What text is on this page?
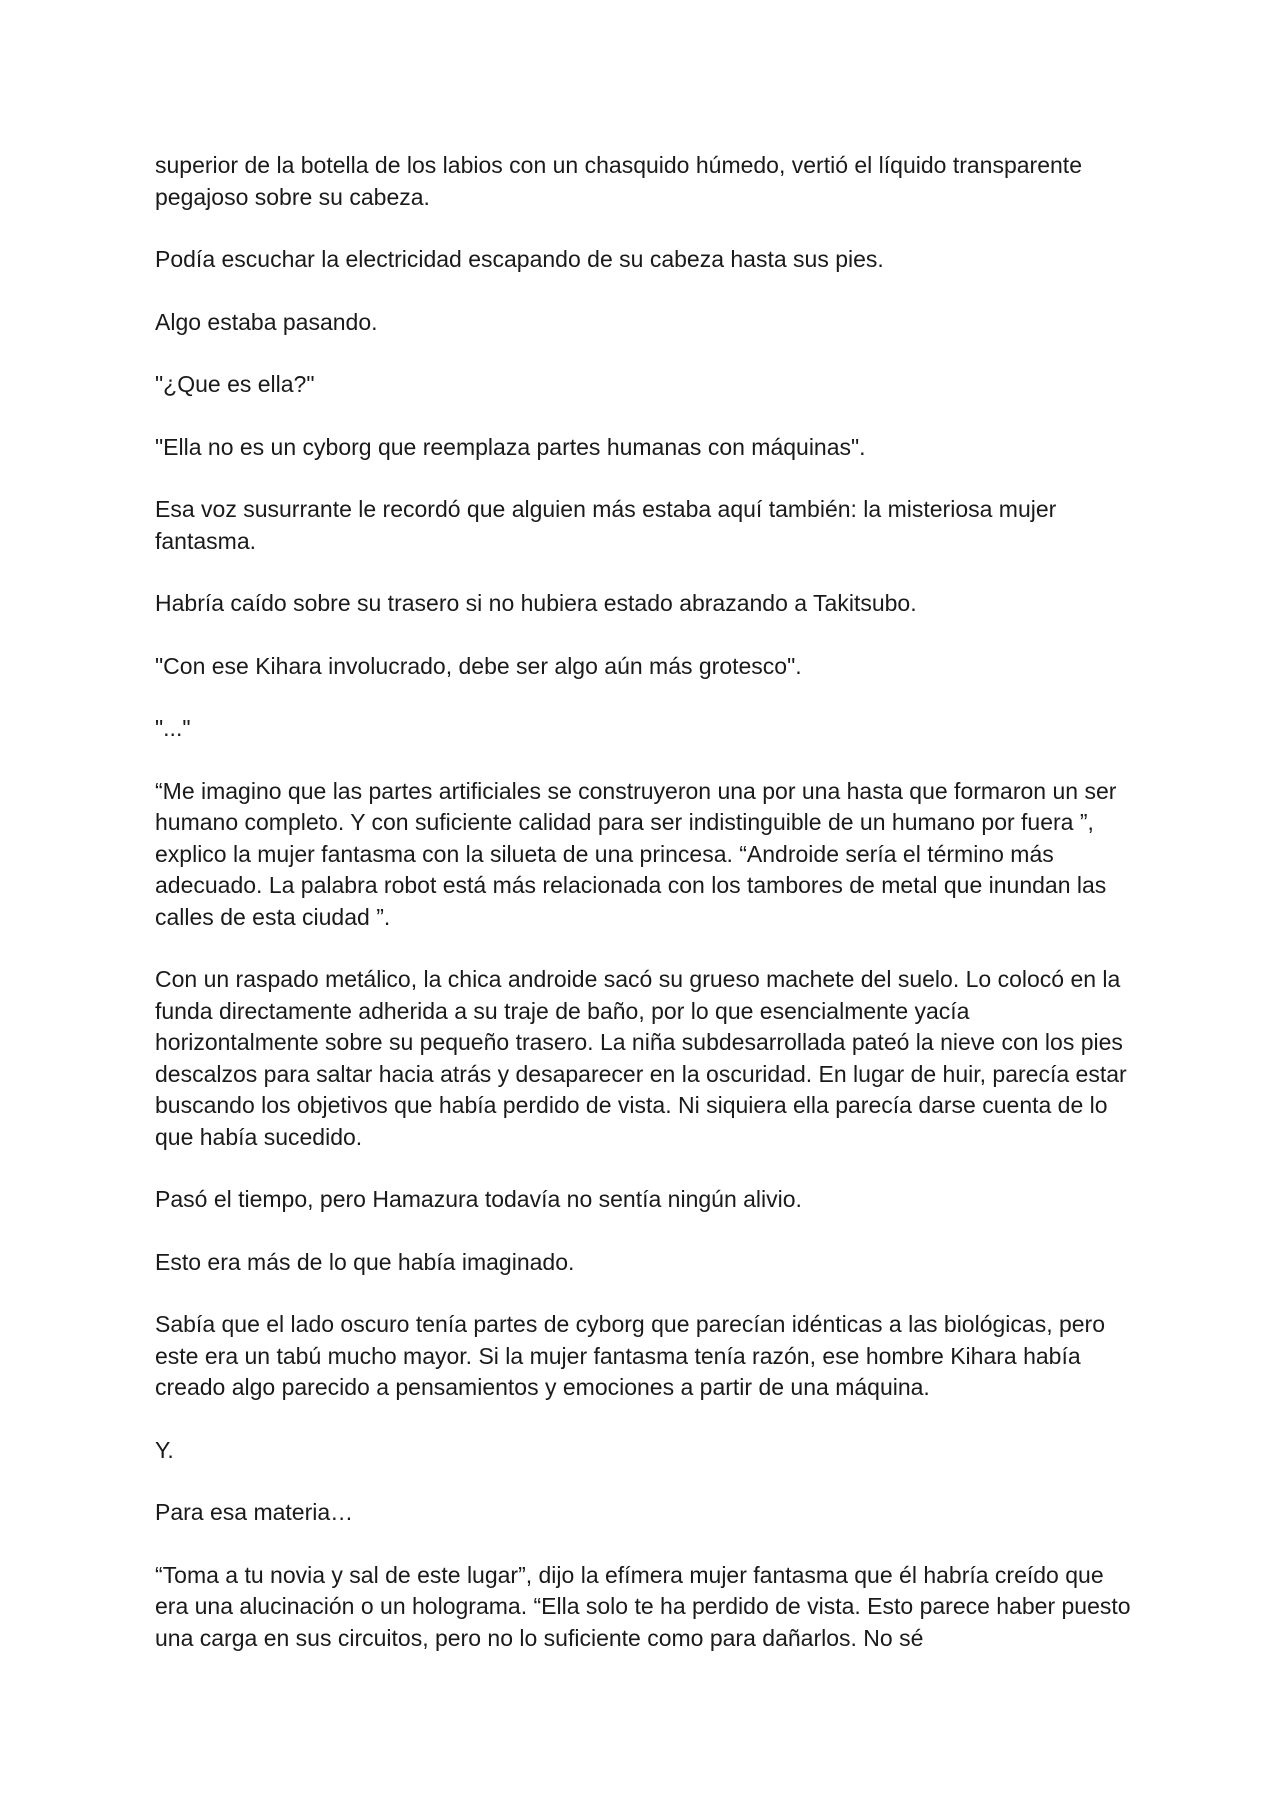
superior de la botella de los labios con un chasquido húmedo, vertió el líquido transparente pegajoso sobre su cabeza.

Podía escuchar la electricidad escapando de su cabeza hasta sus pies.

Algo estaba pasando.

"¿Que es ella?"

"Ella no es un cyborg que reemplaza partes humanas con máquinas".

Esa voz susurrante le recordó que alguien más estaba aquí también: la misteriosa mujer fantasma.

Habría caído sobre su trasero si no hubiera estado abrazando a Takitsubo.

"Con ese Kihara involucrado, debe ser algo aún más grotesco".

"..."

“Me imagino que las partes artificiales se construyeron una por una hasta que formaron un ser humano completo. Y con suficiente calidad para ser indistinguible de un humano por fuera ”, explico la mujer fantasma con la silueta de una princesa. “Androide sería el término más adecuado. La palabra robot está más relacionada con los tambores de metal que inundan las calles de esta ciudad ”.

Con un raspado metálico, la chica androide sacó su grueso machete del suelo. Lo colocó en la funda directamente adherida a su traje de baño, por lo que esencialmente yacía horizontalmente sobre su pequeño trasero. La niña subdesarrollada pateó la nieve con los pies descalzos para saltar hacia atrás y desaparecer en la oscuridad. En lugar de huir, parecía estar buscando los objetivos que había perdido de vista. Ni siquiera ella parecía darse cuenta de lo que había sucedido.

Pasó el tiempo, pero Hamazura todavía no sentía ningún alivio.

Esto era más de lo que había imaginado.

Sabía que el lado oscuro tenía partes de cyborg que parecían idénticas a las biológicas, pero este era un tabú mucho mayor. Si la mujer fantasma tenía razón, ese hombre Kihara había creado algo parecido a pensamientos y emociones a partir de una máquina.

Y.

Para esa materia…

“Toma a tu novia y sal de este lugar”, dijo la efímera mujer fantasma que él habría creído que era una alucinación o un holograma. “Ella solo te ha perdido de vista. Esto parece haber puesto una carga en sus circuitos, pero no lo suficiente como para dañarlos. No sé
